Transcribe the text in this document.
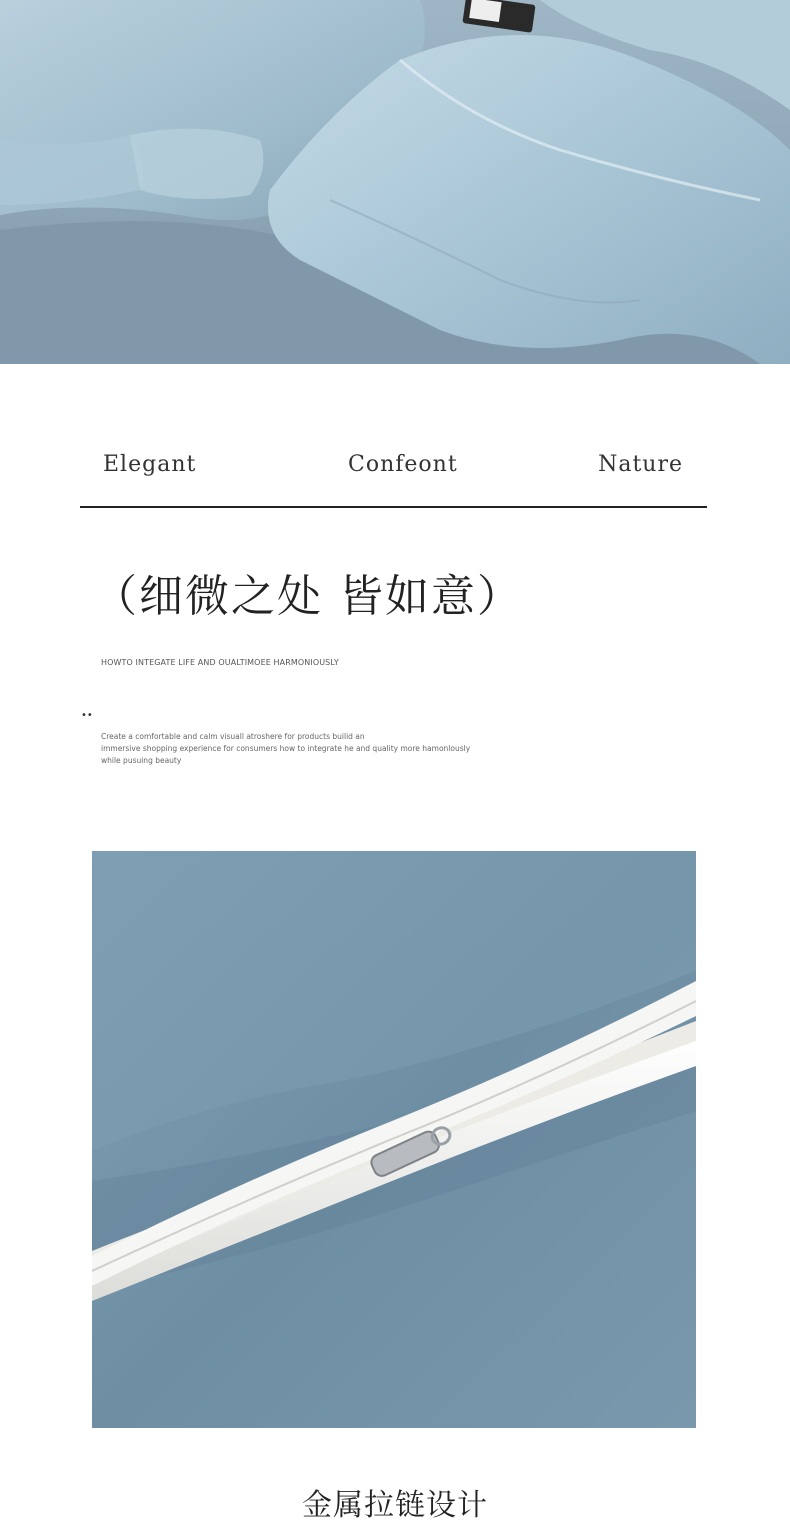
Elegant	Confeont	Nature
（细微之处 皆如意）
HOWTO INTEGATE LIFE AND OUALTIMOEE HARMONIOUSLY
••
Create a comfortable and calm visuall atroshere for products builid an
immersive shopping experience for consumers how to integrate he and quality more hamonlously
while pusuing beauty
金属拉链设计
